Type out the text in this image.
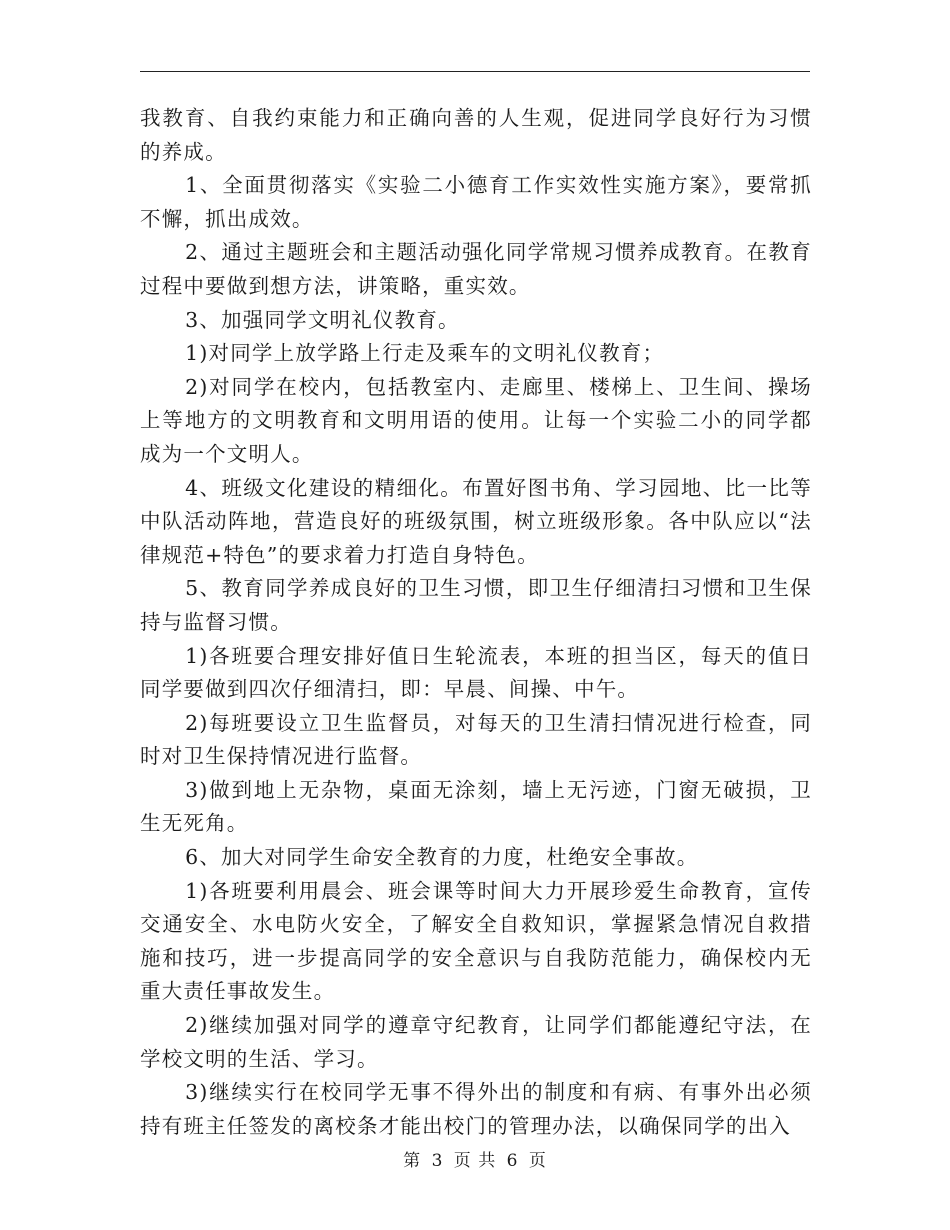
我教育、自我约束能力和正确向善的人生观，促进同学良好行为习惯的养成。

1、全面贯彻落实《实验二小德育工作实效性实施方案》，要常抓不懈，抓出成效。

2、通过主题班会和主题活动强化同学常规习惯养成教育。在教育过程中要做到想方法，讲策略，重实效。

3、加强同学文明礼仪教育。

1)对同学上放学路上行走及乘车的文明礼仪教育；

2)对同学在校内，包括教室内、走廊里、楼梯上、卫生间、操场上等地方的文明教育和文明用语的使用。让每一个实验二小的同学都成为一个文明人。

4、班级文化建设的精细化。布置好图书角、学习园地、比一比等中队活动阵地，营造良好的班级氛围，树立班级形象。各中队应以“法律规范+特色”的要求着力打造自身特色。

5、教育同学养成良好的卫生习惯，即卫生仔细清扫习惯和卫生保持与监督习惯。

1)各班要合理安排好值日生轮流表，本班的担当区，每天的值日同学要做到四次仔细清扫，即：早晨、间操、中午。

2)每班要设立卫生监督员，对每天的卫生清扫情况进行检查，同时对卫生保持情况进行监督。

3)做到地上无杂物，桌面无涂刻，墙上无污迹，门窗无破损，卫生无死角。

6、加大对同学生命安全教育的力度，杜绝安全事故。

1)各班要利用晨会、班会课等时间大力开展珍爱生命教育，宣传交通安全、水电防火安全，了解安全自救知识，掌握紧急情况自救措施和技巧，进一步提高同学的安全意识与自我防范能力，确保校内无重大责任事故发生。

2)继续加强对同学的遵章守纪教育，让同学们都能遵纪守法，在学校文明的生活、学习。

3)继续实行在校同学无事不得外出的制度和有病、有事外出必须持有班主任签发的离校条才能出校门的管理办法，以确保同学的出入

第 3 页 共 6 页
